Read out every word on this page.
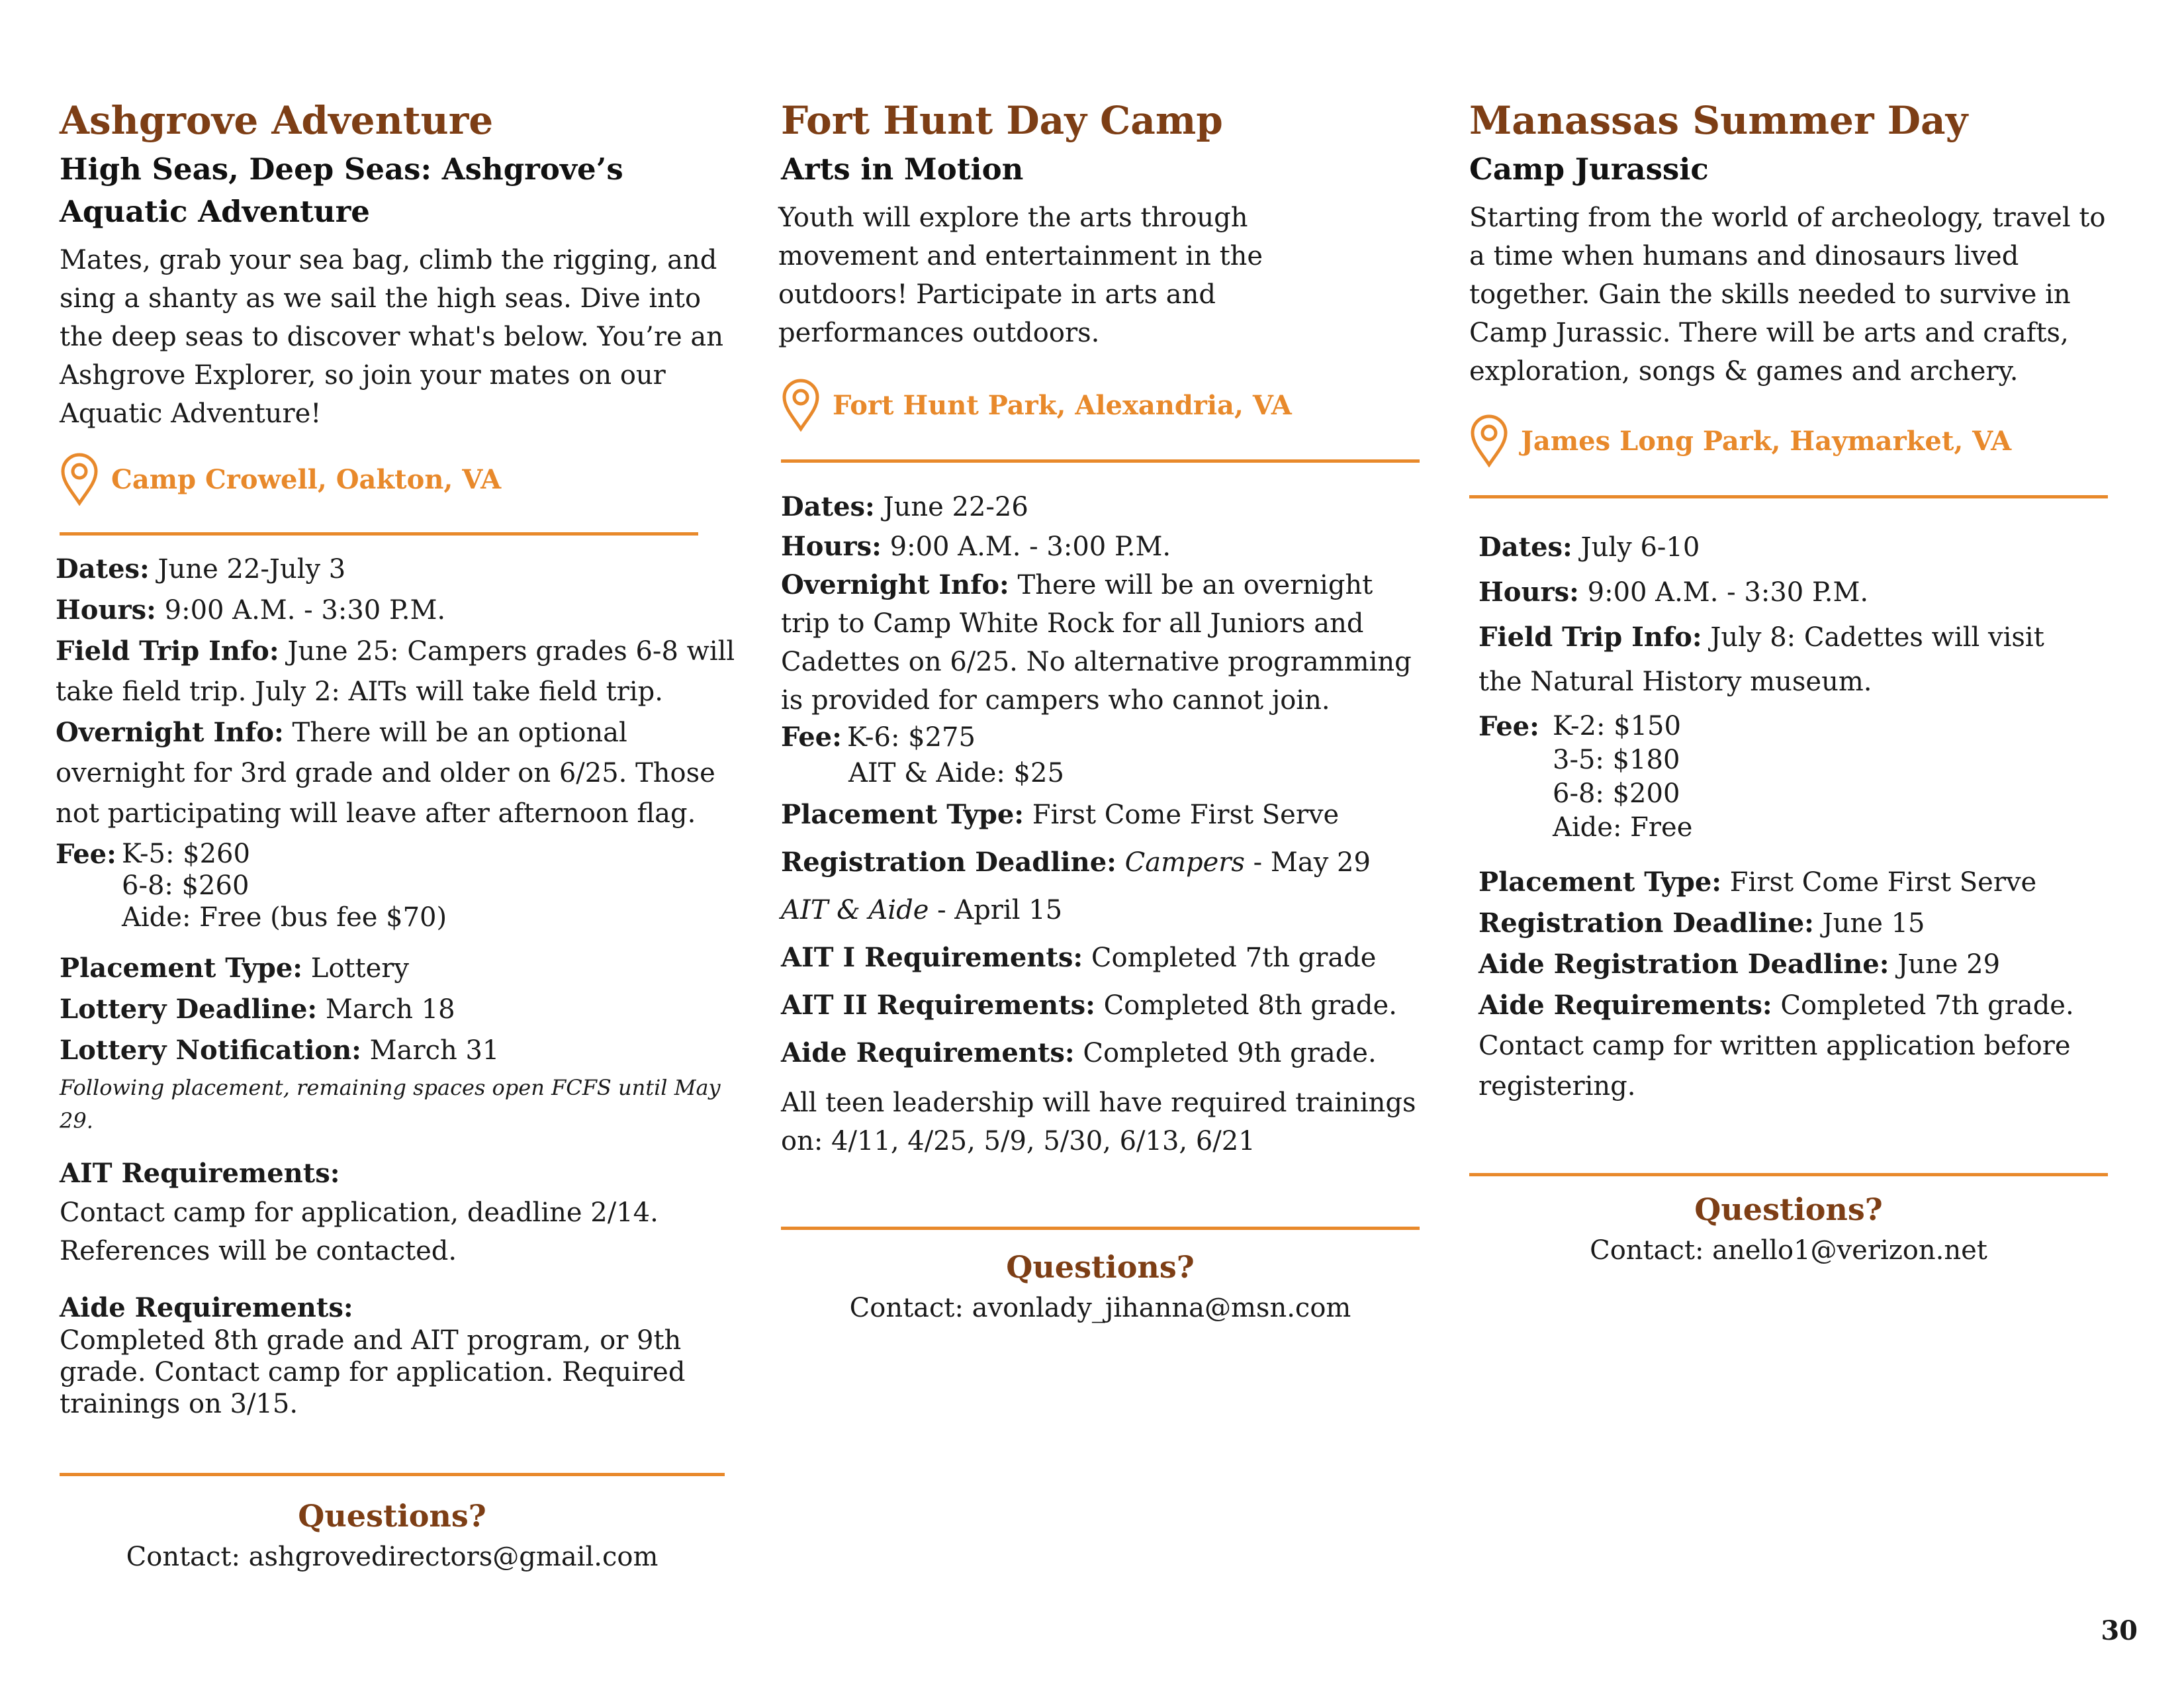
Ashgrove Adventure
High Seas, Deep Seas: Ashgrove’s Aquatic Adventure

Mates, grab your sea bag, climb the rigging, and sing a shanty as we sail the high seas. Dive into the deep seas to discover what's below. You’re an Ashgrove Explorer, so join your mates on our Aquatic Adventure!

Camp Crowell, Oakton, VA
Dates: June 22-July 3
Hours: 9:00 A.M. - 3:30 P.M.
Field Trip Info: June 25: Campers grades 6-8 will take field trip. July 2: AITs will take field trip.
Overnight Info: There will be an optional overnight for 3rd grade and older on 6/25. Those not participating will leave after afternoon flag.
Fee: K-5: $260
6-8: $260
Aide: Free (bus fee $70)
Placement Type: Lottery
Lottery Deadline: March 18
Lottery Notification: March 31
Following placement, remaining spaces open FCFS until May 29.
AIT Requirements:
Contact camp for application, deadline 2/14. References will be contacted.
Aide Requirements:
Completed 8th grade and AIT program, or 9th grade. Contact camp for application. Required trainings on 3/15.
Questions?
Contact: ashgrovedirectors@gmail.com
Fort Hunt Day Camp
Arts in Motion

Youth will explore the arts through movement and entertainment in the outdoors! Participate in arts and performances outdoors.

Fort Hunt Park, Alexandria, VA
Dates: June 22-26
Hours: 9:00 A.M. - 3:00 P.M.
Overnight Info: There will be an overnight trip to Camp White Rock for all Juniors and Cadettes on 6/25. No alternative programming is provided for campers who cannot join.
Fee: K-6: $275
AIT & Aide: $25
Placement Type: First Come First Serve
Registration Deadline: Campers - May 29
AIT & Aide - April 15
AIT I Requirements: Completed 7th grade
AIT II Requirements: Completed 8th grade.
Aide Requirements: Completed 9th grade.
All teen leadership will have required trainings on: 4/11, 4/25, 5/9, 5/30, 6/13, 6/21
Questions?
Contact: avonlady_jihanna@msn.com
Manassas Summer Day
Camp Jurassic

Starting from the world of archeology, travel to a time when humans and dinosaurs lived together. Gain the skills needed to survive in Camp Jurassic. There will be arts and crafts, exploration, songs & games and archery.

James Long Park, Haymarket, VA
Dates: July 6-10
Hours: 9:00 A.M. - 3:30 P.M.
Field Trip Info: July 8: Cadettes will visit the Natural History museum.
Fee: K-2: $150
3-5: $180
6-8: $200
Aide: Free
Placement Type: First Come First Serve
Registration Deadline: June 15
Aide Registration Deadline: June 29
Aide Requirements: Completed 7th grade. Contact camp for written application before registering.
Questions?
Contact: anello1@verizon.net
30
